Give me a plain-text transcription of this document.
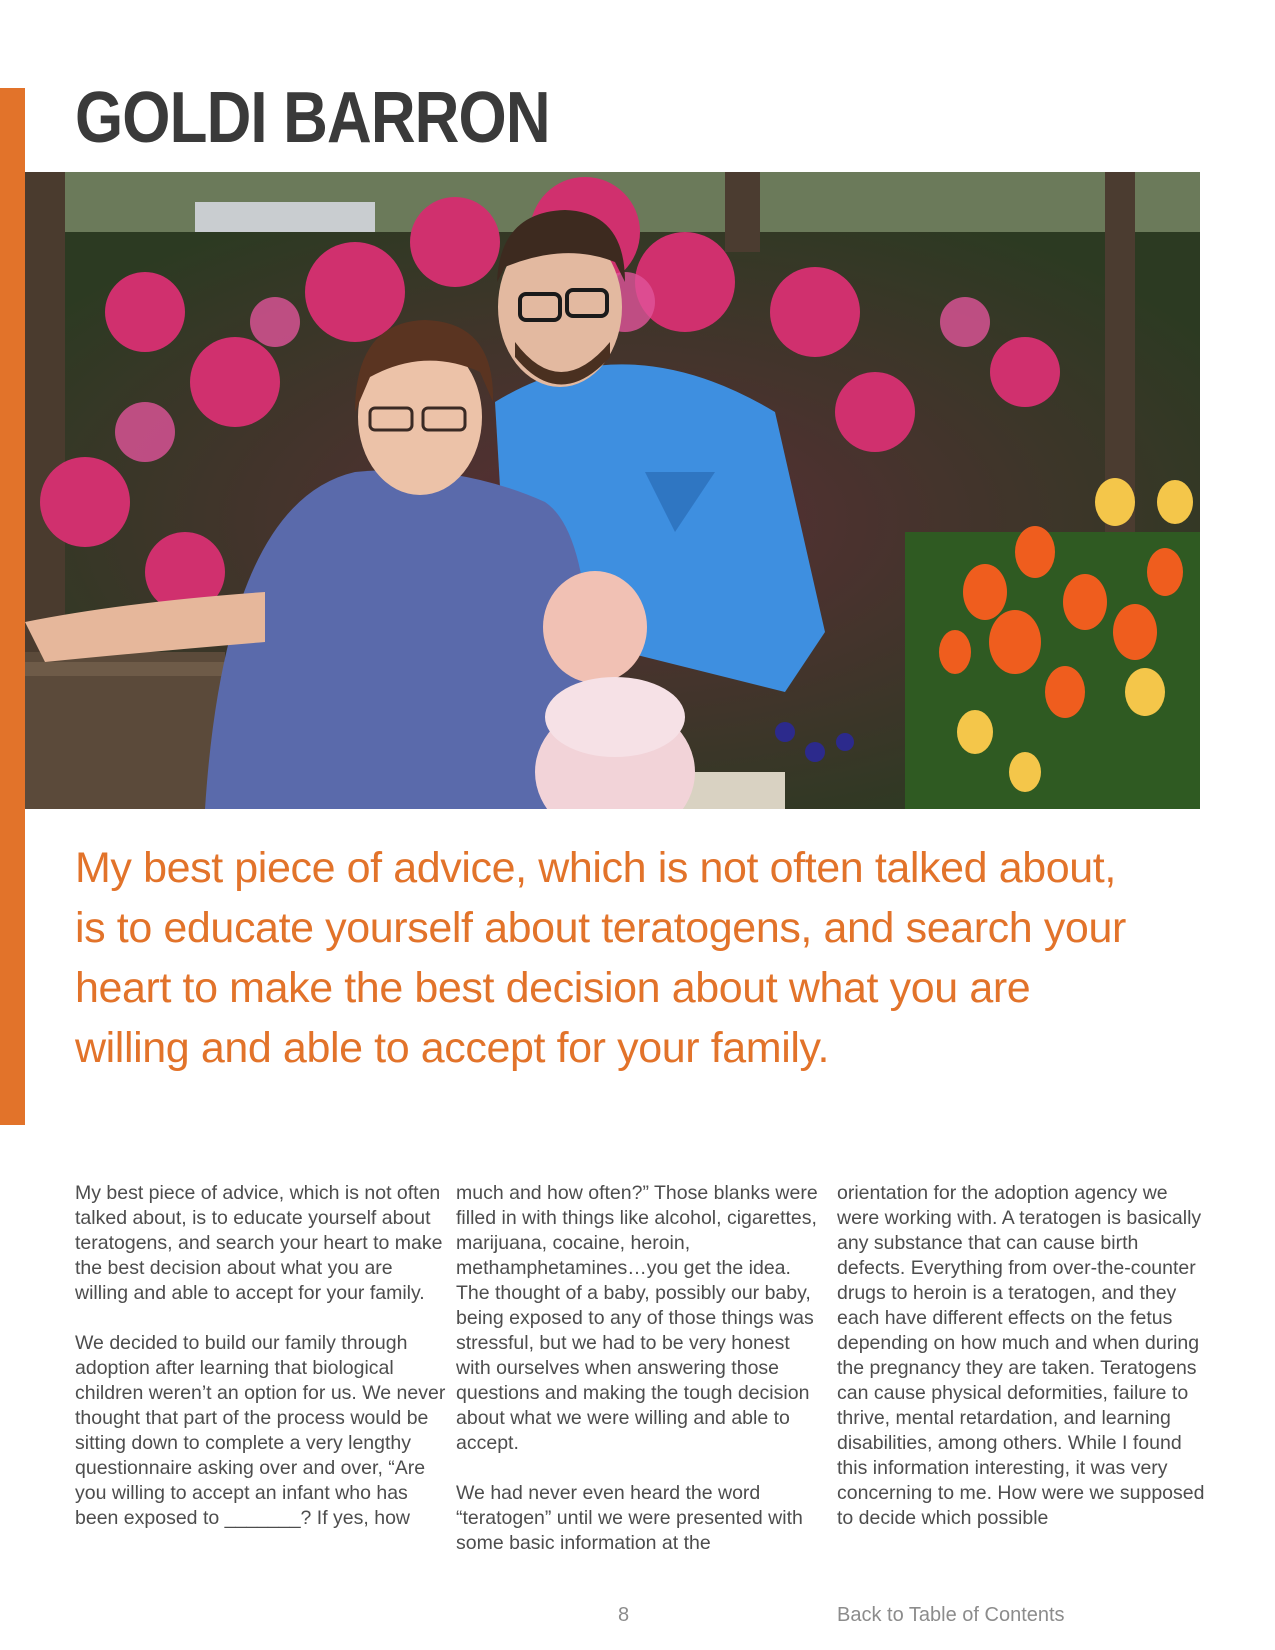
GOLDI BARRON

My best piece of advice, which is not often talked about, is to educate yourself about teratogens, and search your heart to make the best decision about what you are willing and able to accept for your family.

My best piece of advice, which is not often talked about, is to educate yourself about teratogens, and search your heart to make the best decision about what you are willing and able to accept for your family.

We decided to build our family through adoption after learning that biological children weren’t an option for us. We never thought that part of the process would be sitting down to complete a very lengthy questionnaire asking over and over, “Are you willing to accept an infant who has been exposed to _______? If yes, how

much and how often?” Those blanks were filled in with things like alcohol, cigarettes, marijuana, cocaine, heroin, methamphetamines…you get the idea. The thought of a baby, possibly our baby, being exposed to any of those things was stressful, but we had to be very honest with ourselves when answering those questions and making the tough decision about what we were willing and able to accept.

We had never even heard the word “teratogen” until we were presented with some basic information at the

orientation for the adoption agency we were working with. A teratogen is basically any substance that can cause birth defects. Everything from over-the-counter drugs to heroin is a teratogen, and they each have different effects on the fetus depending on how much and when during the pregnancy they are taken. Teratogens can cause physical deformities, failure to thrive, mental retardation, and learning disabilities, among others. While I found this information interesting, it was very concerning to me. How were we supposed to decide which possible

8	Back to Table of Contents
